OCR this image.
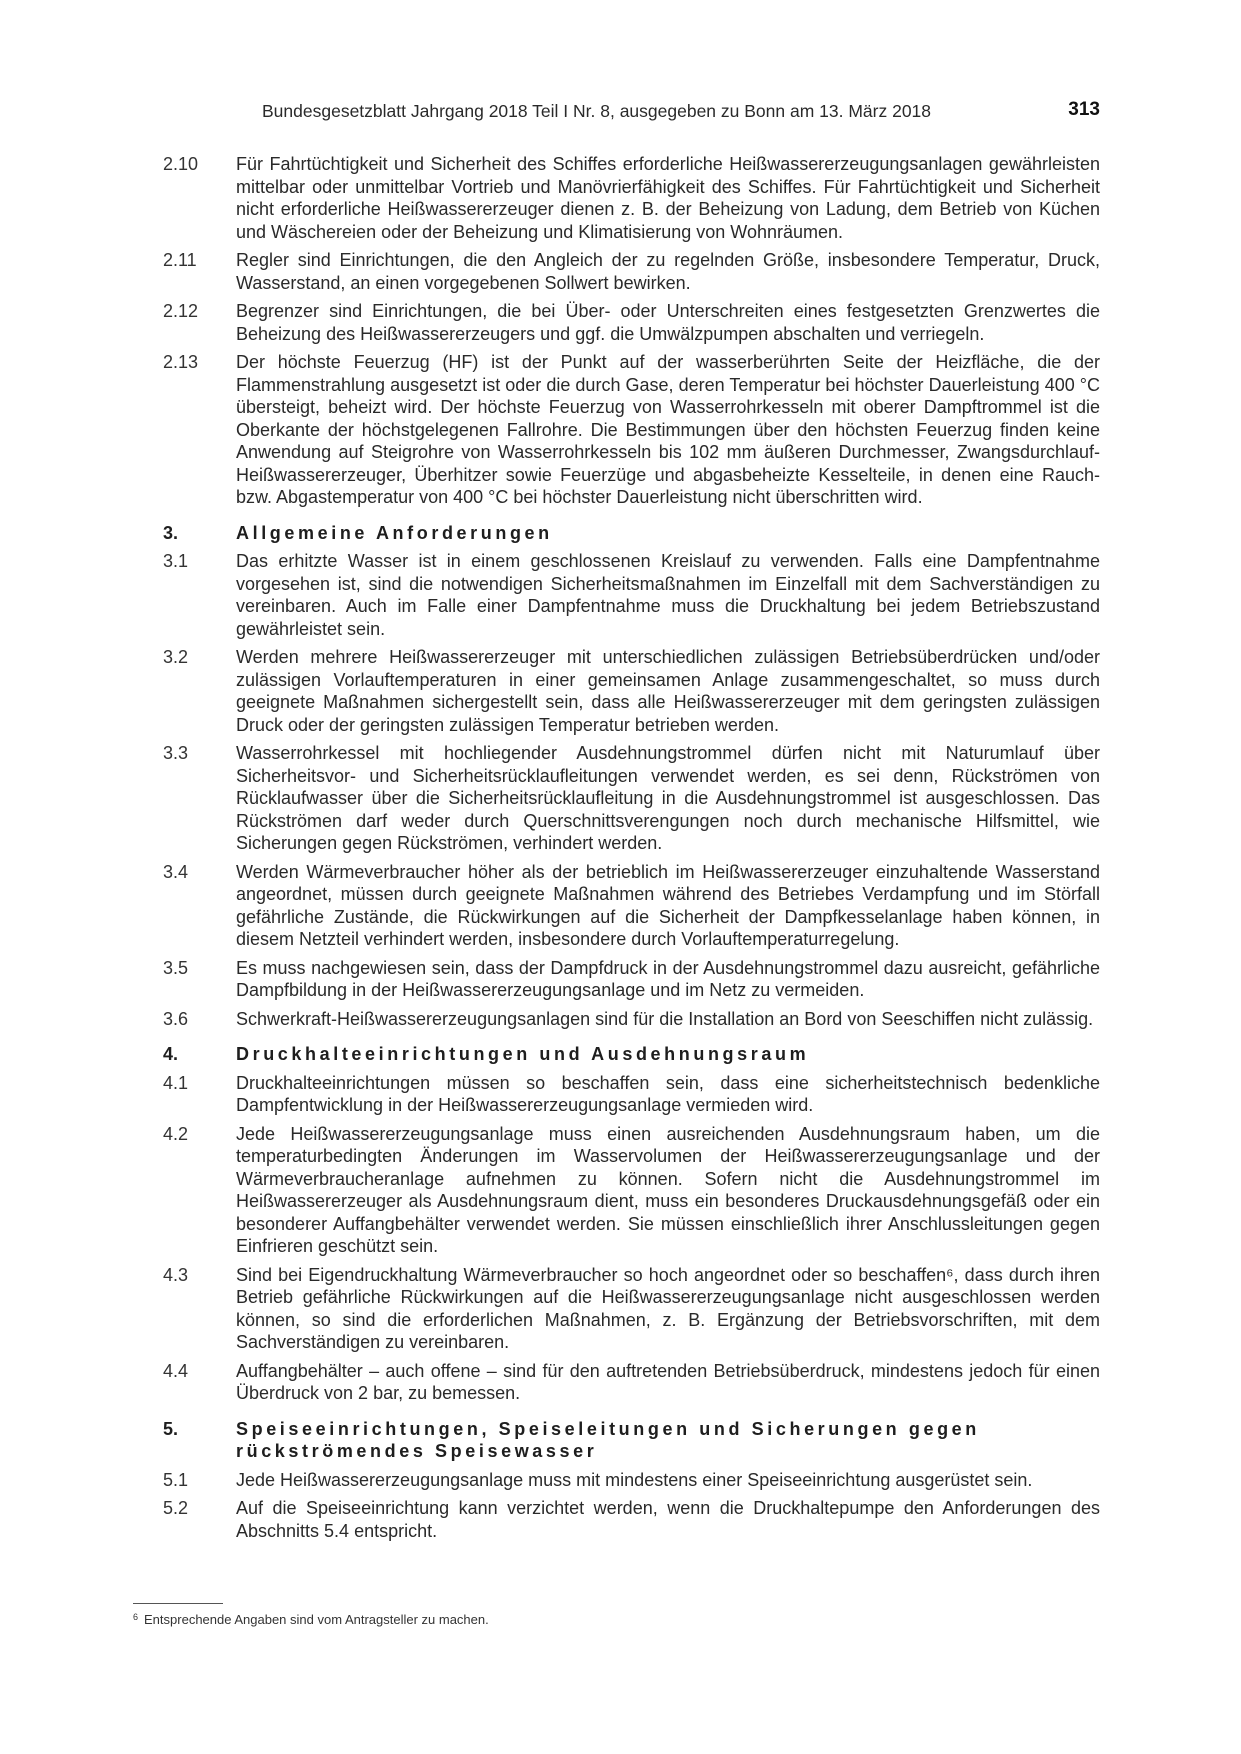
Bundesgesetzblatt Jahrgang 2018 Teil I Nr. 8, ausgegeben zu Bonn am 13. März 2018	313
2.10	Für Fahrtüchtigkeit und Sicherheit des Schiffes erforderliche Heißwassererzeugungsanlagen gewährleisten mittelbar oder unmittelbar Vortrieb und Manövrierfähigkeit des Schiffes. Für Fahrtüchtigkeit und Sicherheit nicht erforderliche Heißwassererzeuger dienen z. B. der Beheizung von Ladung, dem Betrieb von Küchen und Wäschereien oder der Beheizung und Klimatisierung von Wohnräumen.
2.11	Regler sind Einrichtungen, die den Angleich der zu regelnden Größe, insbesondere Temperatur, Druck, Wasserstand, an einen vorgegebenen Sollwert bewirken.
2.12	Begrenzer sind Einrichtungen, die bei Über- oder Unterschreiten eines festgesetzten Grenzwertes die Beheizung des Heißwassererzeugers und ggf. die Umwälzpumpen abschalten und verriegeln.
2.13	Der höchste Feuerzug (HF) ist der Punkt auf der wasserberührten Seite der Heizfläche, die der Flammenstrahlung ausgesetzt ist oder die durch Gase, deren Temperatur bei höchster Dauerleistung 400 °C übersteigt, beheizt wird. Der höchste Feuerzug von Wasserrohrkesseln mit oberer Dampftrommel ist die Oberkante der höchstgelegenen Fallrohre. Die Bestimmungen über den höchsten Feuerzug finden keine Anwendung auf Steigrohre von Wasserrohrkesseln bis 102 mm äußeren Durchmesser, Zwangsdurchlauf-Heißwassererzeuger, Überhitzer sowie Feuerzüge und abgasbeheizte Kesselteile, in denen eine Rauch- bzw. Abgastemperatur von 400 °C bei höchster Dauerleistung nicht überschritten wird.
3.	Allgemeine Anforderungen
3.1	Das erhitzte Wasser ist in einem geschlossenen Kreislauf zu verwenden. Falls eine Dampfentnahme vorgesehen ist, sind die notwendigen Sicherheitsmaßnahmen im Einzelfall mit dem Sachverständigen zu vereinbaren. Auch im Falle einer Dampfentnahme muss die Druckhaltung bei jedem Betriebszustand gewährleistet sein.
3.2	Werden mehrere Heißwassererzeuger mit unterschiedlichen zulässigen Betriebsüberdrücken und/oder zulässigen Vorlauftemperaturen in einer gemeinsamen Anlage zusammengeschaltet, so muss durch geeignete Maßnahmen sichergestellt sein, dass alle Heißwassererzeuger mit dem geringsten zulässigen Druck oder der geringsten zulässigen Temperatur betrieben werden.
3.3	Wasserrohrkessel mit hochliegender Ausdehnungstrommel dürfen nicht mit Naturumlauf über Sicherheitsvor- und Sicherheitsrücklaufleitungen verwendet werden, es sei denn, Rückströmen von Rücklaufwasser über die Sicherheitsrücklaufleitung in die Ausdehnungstrommel ist ausgeschlossen. Das Rückströmen darf weder durch Querschnittsverengungen noch durch mechanische Hilfsmittel, wie Sicherungen gegen Rückströmen, verhindert werden.
3.4	Werden Wärmeverbraucher höher als der betrieblich im Heißwassererzeuger einzuhaltende Wasserstand angeordnet, müssen durch geeignete Maßnahmen während des Betriebes Verdampfung und im Störfall gefährliche Zustände, die Rückwirkungen auf die Sicherheit der Dampfkesselanlage haben können, in diesem Netzteil verhindert werden, insbesondere durch Vorlauftemperaturregelung.
3.5	Es muss nachgewiesen sein, dass der Dampfdruck in der Ausdehnungstrommel dazu ausreicht, gefährliche Dampfbildung in der Heißwassererzeugungsanlage und im Netz zu vermeiden.
3.6	Schwerkraft-Heißwassererzeugungsanlagen sind für die Installation an Bord von Seeschiffen nicht zulässig.
4.	Druckhalteeinrichtungen und Ausdehnungsraum
4.1	Druckhalteeinrichtungen müssen so beschaffen sein, dass eine sicherheitstechnisch bedenkliche Dampfentwicklung in der Heißwassererzeugungsanlage vermieden wird.
4.2	Jede Heißwassererzeugungsanlage muss einen ausreichenden Ausdehnungsraum haben, um die temperaturbedingten Änderungen im Wasservolumen der Heißwassererzeugungsanlage und der Wärmeverbraucheranlage aufnehmen zu können. Sofern nicht die Ausdehnungstrommel im Heißwassererzeuger als Ausdehnungsraum dient, muss ein besonderes Druckausdehnungsgefäß oder ein besonderer Auffangbehälter verwendet werden. Sie müssen einschließlich ihrer Anschlussleitungen gegen Einfrieren geschützt sein.
4.3	Sind bei Eigendruckhaltung Wärmeverbraucher so hoch angeordnet oder so beschaffen⁶, dass durch ihren Betrieb gefährliche Rückwirkungen auf die Heißwassererzeugungsanlage nicht ausgeschlossen werden können, so sind die erforderlichen Maßnahmen, z. B. Ergänzung der Betriebsvorschriften, mit dem Sachverständigen zu vereinbaren.
4.4	Auffangbehälter – auch offene – sind für den auftretenden Betriebsüberdruck, mindestens jedoch für einen Überdruck von 2 bar, zu bemessen.
5.	Speiseeinrichtungen, Speiseleitungen und Sicherungen gegen rückströmendes Speisewasser
5.1	Jede Heißwassererzeugungsanlage muss mit mindestens einer Speiseeinrichtung ausgerüstet sein.
5.2	Auf die Speiseeinrichtung kann verzichtet werden, wenn die Druckhaltepumpe den Anforderungen des Abschnitts 5.4 entspricht.
$^6$ Entsprechende Angaben sind vom Antragsteller zu machen.
